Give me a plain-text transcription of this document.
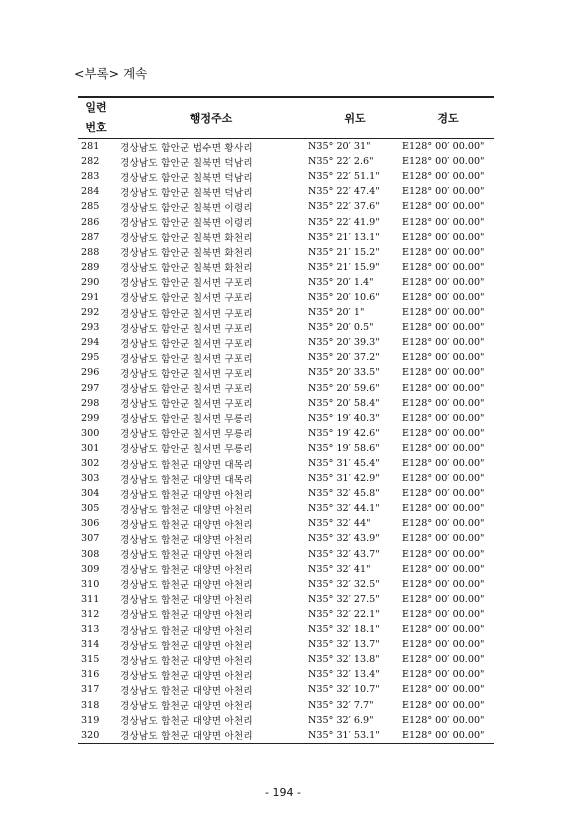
<부록> 계속
일련
번호	행정주소	위도	경도
281	경상남도 함안군 법수면 황사리	N35° 20′ 31"	E128° 00′ 00.00"
282	경상남도 함안군 칠북면 덕남리	N35° 22′ 2.6"	E128° 00′ 00.00"
283	경상남도 함안군 칠북면 덕남리	N35° 22′ 51.1"	E128° 00′ 00.00"
284	경상남도 함안군 칠북면 덕남리	N35° 22′ 47.4"	E128° 00′ 00.00"
285	경상남도 함안군 칠북면 이령리	N35° 22′ 37.6"	E128° 00′ 00.00"
286	경상남도 함안군 칠북면 이령리	N35° 22′ 41.9"	E128° 00′ 00.00"
287	경상남도 함안군 칠북면 화천리	N35° 21′ 13.1"	E128° 00′ 00.00"
288	경상남도 함안군 칠북면 화천리	N35° 21′ 15.2"	E128° 00′ 00.00"
289	경상남도 함안군 칠북면 화천리	N35° 21′ 15.9"	E128° 00′ 00.00"
290	경상남도 함안군 칠서면 구포리	N35° 20′ 1.4"	E128° 00′ 00.00"
291	경상남도 함안군 칠서면 구포리	N35° 20′ 10.6"	E128° 00′ 00.00"
292	경상남도 함안군 칠서면 구포리	N35° 20′ 1"	E128° 00′ 00.00"
293	경상남도 함안군 칠서면 구포리	N35° 20′ 0.5"	E128° 00′ 00.00"
294	경상남도 함안군 칠서면 구포리	N35° 20′ 39.3"	E128° 00′ 00.00"
295	경상남도 함안군 칠서면 구포리	N35° 20′ 37.2"	E128° 00′ 00.00"
296	경상남도 함안군 칠서면 구포리	N35° 20′ 33.5"	E128° 00′ 00.00"
297	경상남도 함안군 칠서면 구포리	N35° 20′ 59.6"	E128° 00′ 00.00"
298	경상남도 함안군 칠서면 구포리	N35° 20′ 58.4"	E128° 00′ 00.00"
299	경상남도 함안군 칠서면 무릉리	N35° 19′ 40.3"	E128° 00′ 00.00"
300	경상남도 함안군 칠서면 무릉리	N35° 19′ 42.6"	E128° 00′ 00.00"
301	경상남도 함안군 칠서면 무릉리	N35° 19′ 58.6"	E128° 00′ 00.00"
302	경상남도 합천군 대양면 대목리	N35° 31′ 45.4"	E128° 00′ 00.00"
303	경상남도 합천군 대양면 대목리	N35° 31′ 42.9"	E128° 00′ 00.00"
304	경상남도 합천군 대양면 아천리	N35° 32′ 45.8"	E128° 00′ 00.00"
305	경상남도 합천군 대양면 아천리	N35° 32′ 44.1"	E128° 00′ 00.00"
306	경상남도 합천군 대양면 아천리	N35° 32′ 44"	E128° 00′ 00.00"
307	경상남도 합천군 대양면 아천리	N35° 32′ 43.9"	E128° 00′ 00.00"
308	경상남도 합천군 대양면 아천리	N35° 32′ 43.7"	E128° 00′ 00.00"
309	경상남도 합천군 대양면 아천리	N35° 32′ 41"	E128° 00′ 00.00"
310	경상남도 합천군 대양면 아천리	N35° 32′ 32.5"	E128° 00′ 00.00"
311	경상남도 합천군 대양면 아천리	N35° 32′ 27.5"	E128° 00′ 00.00"
312	경상남도 합천군 대양면 아천리	N35° 32′ 22.1"	E128° 00′ 00.00"
313	경상남도 합천군 대양면 아천리	N35° 32′ 18.1"	E128° 00′ 00.00"
314	경상남도 합천군 대양면 아천리	N35° 32′ 13.7"	E128° 00′ 00.00"
315	경상남도 합천군 대양면 아천리	N35° 32′ 13.8"	E128° 00′ 00.00"
316	경상남도 합천군 대양면 아천리	N35° 32′ 13.4"	E128° 00′ 00.00"
317	경상남도 합천군 대양면 아천리	N35° 32′ 10.7"	E128° 00′ 00.00"
318	경상남도 합천군 대양면 아천리	N35° 32′ 7.7"	E128° 00′ 00.00"
319	경상남도 합천군 대양면 아천리	N35° 32′ 6.9"	E128° 00′ 00.00"
320	경상남도 합천군 대양면 아천리	N35° 31′ 53.1"	E128° 00′ 00.00"
- 194 -
